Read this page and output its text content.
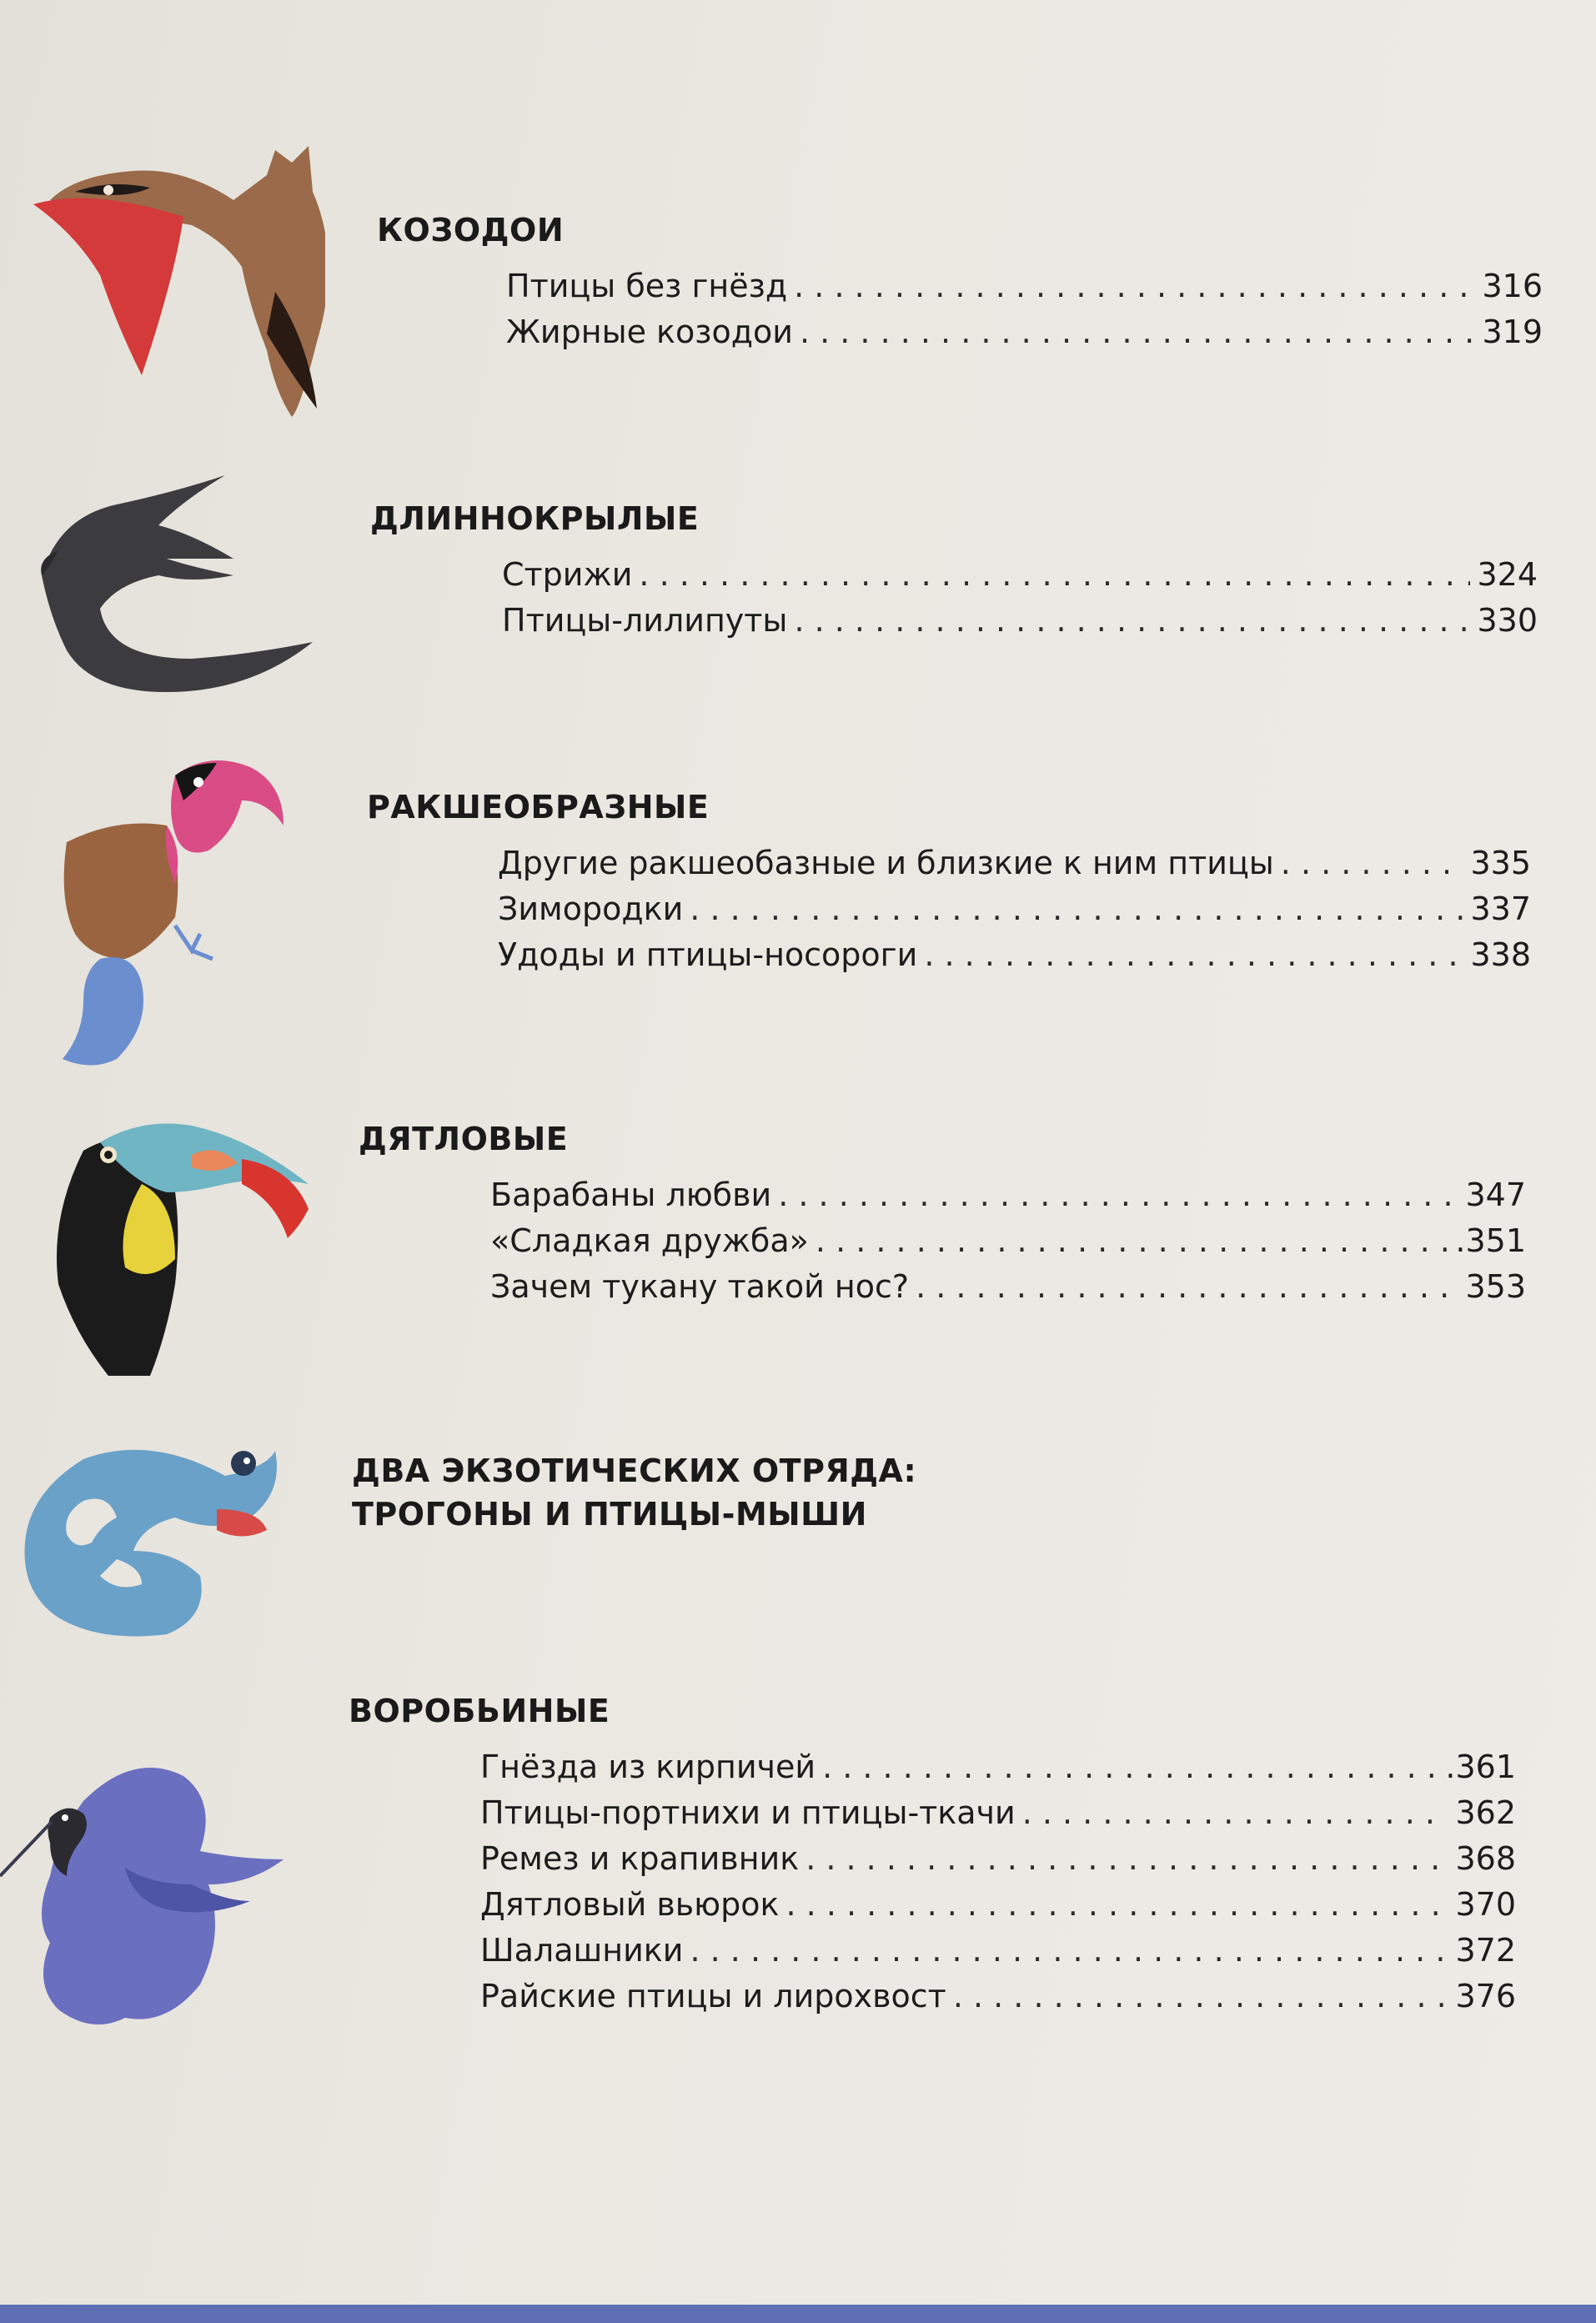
КОЗОДОИ
Птицы без гнёзд . . .	316
Жирные козодои . . .	319
ДЛИННОКРЫЛЫЕ
Стрижи . . .	324
Птицы-лилипуты . . .	330
РАКШЕОБРАЗНЫЕ
Другие ракшеобазные и близкие к ним птицы . . .	335
Зимородки . . .	337
Удоды и птицы-носороги . . .	338
ДЯТЛОВЫЕ
Барабаны любви . . .	347
«Сладкая дружба» . . .	.351
Зачем тукану такой нос? . . .	353
ДВА ЭКЗОТИЧЕСКИХ ОТРЯДА:
ТРОГОНЫ И ПТИЦЫ-МЫШИ
ВОРОБЬИНЫЕ
Гнёзда из кирпичей . . .	.361
Птицы-портнихи и птицы-ткачи . . .	362
Ремез и крапивник . . .	368
Дятловый вьюрок . . .	370
Шалашники . . .	372
Райские птицы и лирохвост . . .	376
